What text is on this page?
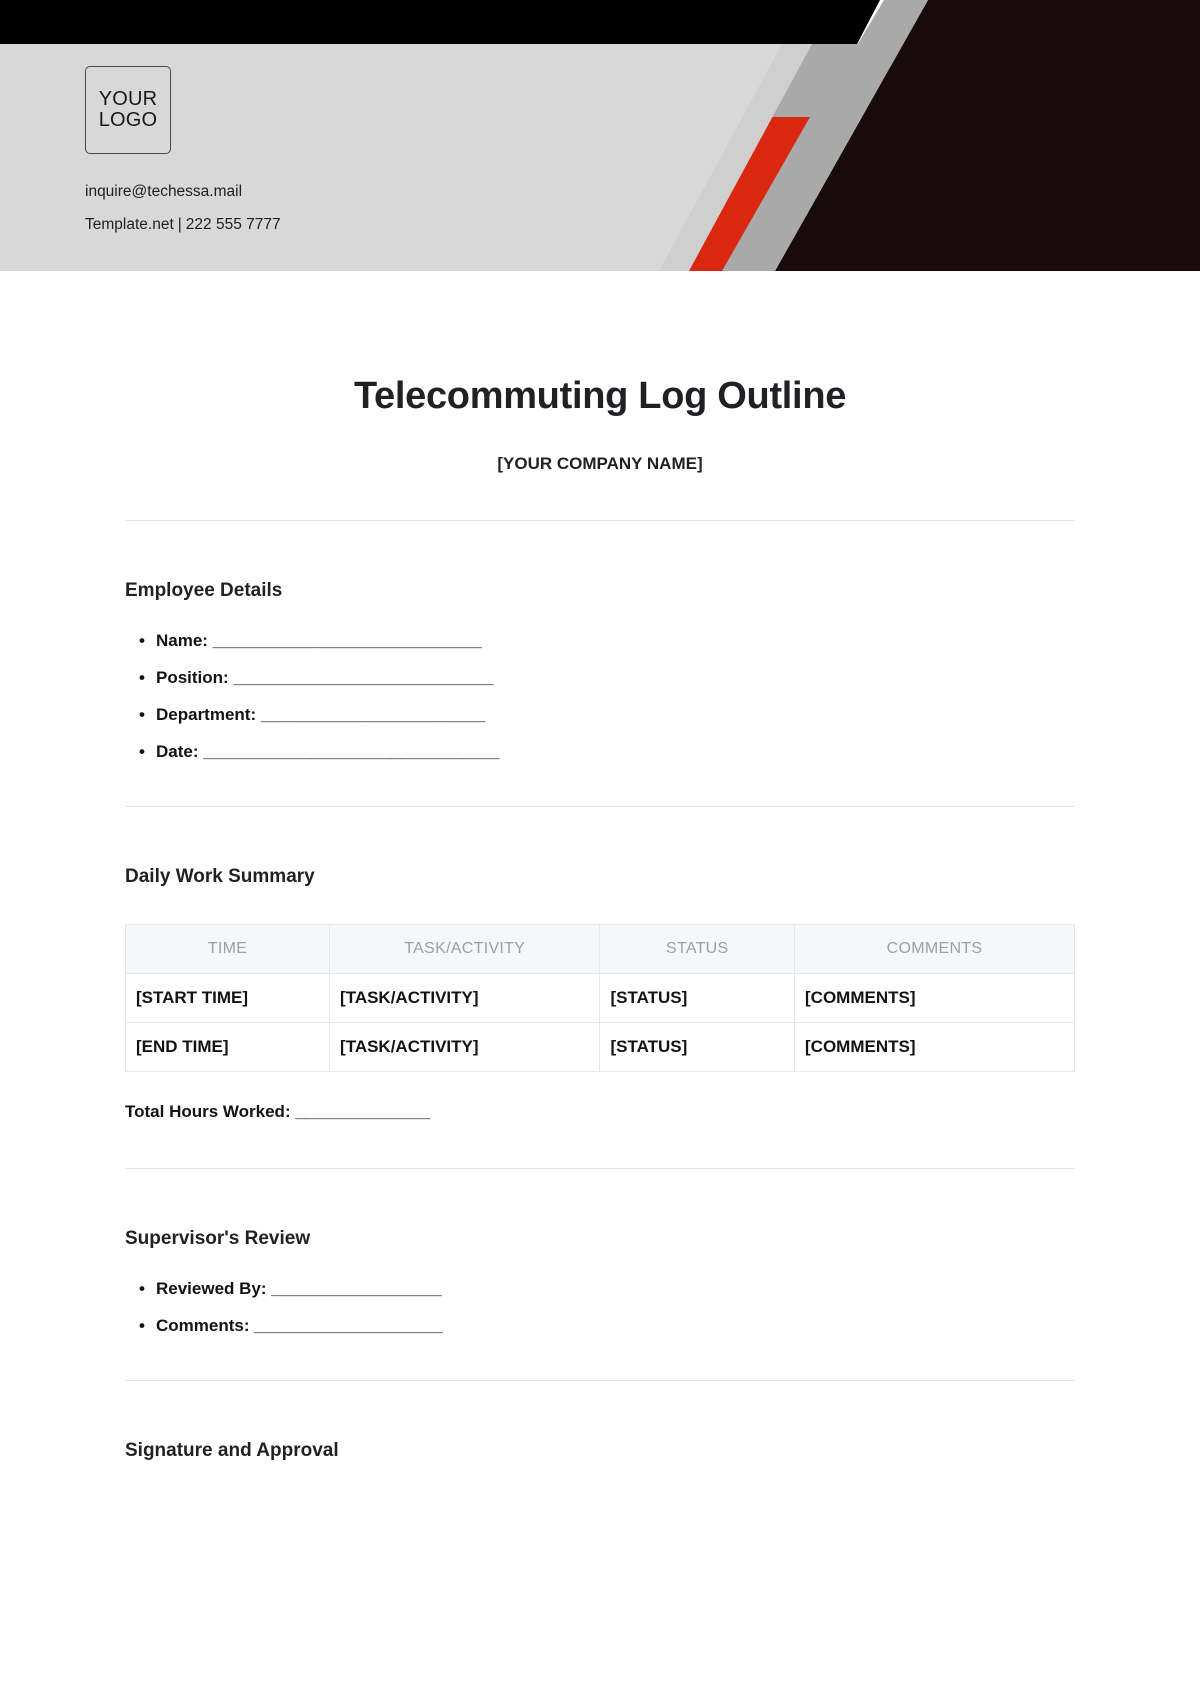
YOUR
LOGO
inquire@techessa.mail
Template.net | 222 555 7777
Telecommuting Log Outline
[YOUR COMPANY NAME]
Employee Details
• Name: ______________________________
• Position: _____________________________
• Department: _________________________
• Date: _________________________________
Daily Work Summary
TIME	TASK/ACTIVITY	STATUS	COMMENTS
[START TIME]	[TASK/ACTIVITY]	[STATUS]	[COMMENTS]
[END TIME]	[TASK/ACTIVITY]	[STATUS]	[COMMENTS]
Total Hours Worked: _______________
Supervisor's Review
• Reviewed By: ___________________
• Comments: _____________________
Signature and Approval
